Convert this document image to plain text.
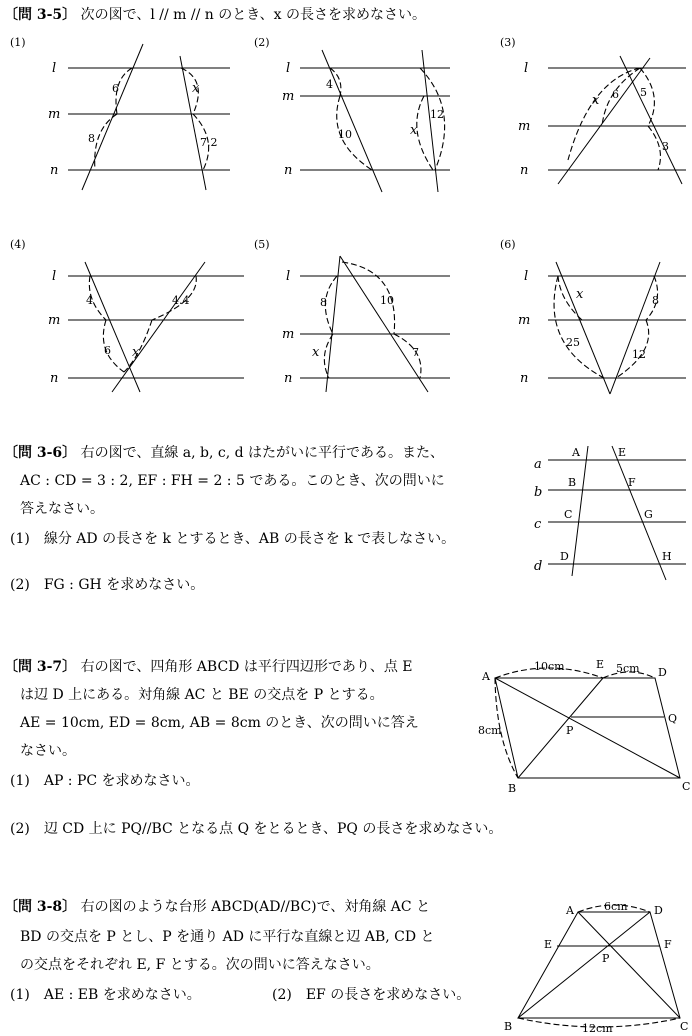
〔問 3-5〕 次の図で、l // m // n のとき、x の長さを求めなさい。

〔問 3-6〕 右の図で、直線 a, b, c, d はたがいに平行である。また、

AC : CD = 3 : 2, EF : FH = 2 : 5 である。このとき、次の問いに

答えなさい。

(1)　線分 AD の長さを k とするとき、AB の長さを k で表しなさい。

(2)　FG : GH を求めなさい。

〔問 3-7〕 右の図で、四角形 ABCD は平行四辺形であり、点 E

は辺 D 上にある。対角線 AC と BE の交点を P とする。

AE = 10cm, ED = 8cm, AB = 8cm のとき、次の問いに答え

なさい。

(1)　AP : PC を求めなさい。

(2)　辺 CD 上に PQ//BC となる点 Q をとるとき、PQ の長さを求めなさい。

〔問 3-8〕 右の図のような台形 ABCD(AD//BC)で、対角線 AC と

BD の交点を P とし、P を通り AD に平行な直線と辺 AB, CD と

の交点をそれぞれ E, F とする。次の問いに答えなさい。

(1)　AE : EB を求めなさい。	(2)　EF の長さを求めなさい。

(1)
l
m
n
6
8
x
7.2
(2)
l
m
n
4
10	x
12
(3)
l
m
n
x 6 5
3
(4)
l
m
n
4	4.4
6 x
(5)
l
m
n
8	10
x	7
(6)
l
m
n
x	8
25
12
a
b
c
d
A
B
C
D
E
F
G
H
A
B	C
D
E
P
Q
10cm	5cm
8cm
A
B	C
D
E	F
P
6cm
12cm
